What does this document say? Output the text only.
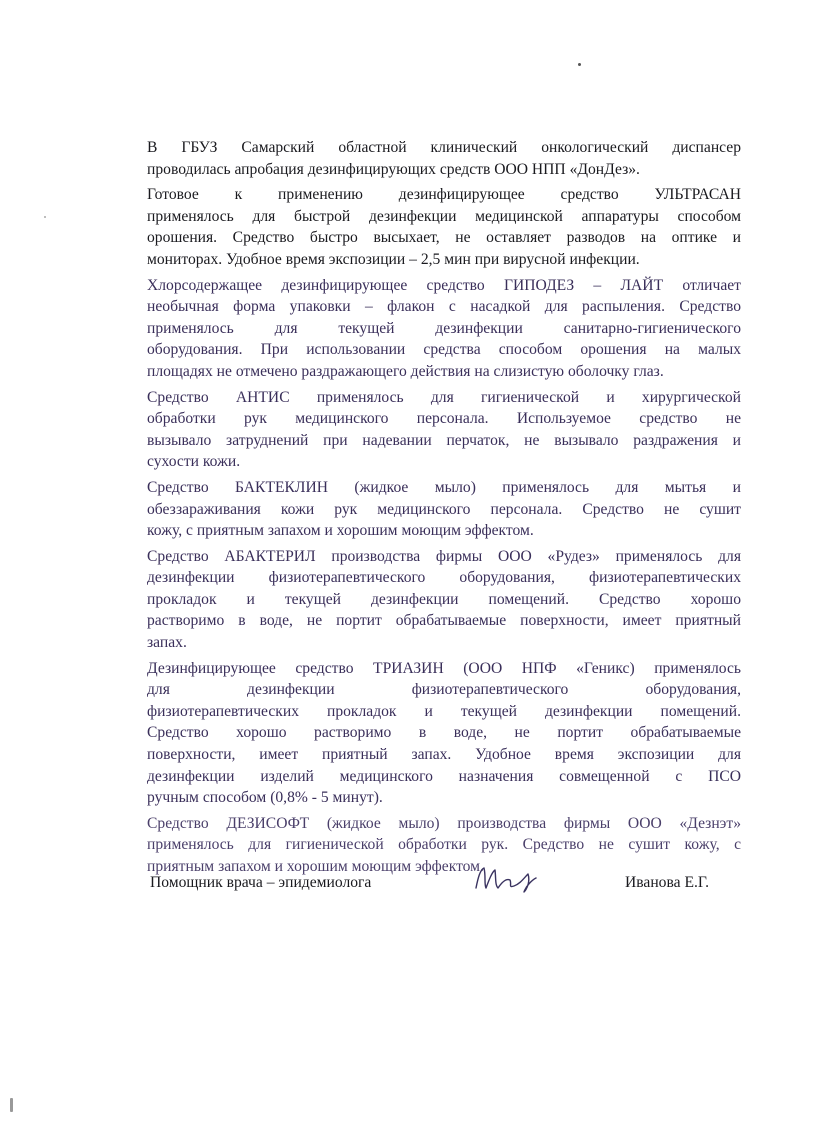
В ГБУЗ Самарский областной клинический онкологический диспансер
проводилась апробация дезинфицирующих средств ООО НПП «ДонДез».

Готовое к применению дезинфицирующее средство УЛЬТРАСАН
применялось для быстрой дезинфекции медицинской аппаратуры способом
орошения. Средство быстро высыхает, не оставляет разводов на оптике и
мониторах. Удобное время экспозиции – 2,5 мин при вирусной инфекции.

Хлорсодержащее дезинфицирующее средство ГИПОДЕЗ – ЛАЙТ отличает
необычная форма упаковки – флакон с насадкой для распыления. Средство
применялось для текущей дезинфекции санитарно-гигиенического
оборудования. При использовании средства способом орошения на малых
площадях не отмечено раздражающего действия на слизистую оболочку глаз.

Средство АНТИС применялось для гигиенической и хирургической
обработки рук медицинского персонала. Используемое средство не
вызывало затруднений при надевании перчаток, не вызывало раздражения и
сухости кожи.

Средство БАКТЕКЛИН (жидкое мыло) применялось для мытья и
обеззараживания кожи рук медицинского персонала. Средство не сушит
кожу, с приятным запахом и хорошим моющим эффектом.

Средство АБАКТЕРИЛ производства фирмы ООО «Рудез» применялось для
дезинфекции физиотерапевтического оборудования, физиотерапевтических
прокладок и текущей дезинфекции помещений. Средство хорошо
растворимо в воде, не портит обрабатываемые поверхности, имеет приятный
запах.

Дезинфицирующее средство ТРИАЗИН (ООО НПФ «Геникс) применялось
для дезинфекции физиотерапевтического оборудования,
физиотерапевтических прокладок и текущей дезинфекции помещений.
Средство хорошо растворимо в воде, не портит обрабатываемые
поверхности, имеет приятный запах. Удобное время экспозиции для
дезинфекции изделий медицинского назначения совмещенной с ПСО
ручным способом (0,8% - 5 минут).

Средство ДЕЗИСОФТ (жидкое мыло) производства фирмы ООО «Дезнэт»
применялось для гигиенической обработки рук. Средство не сушит кожу, с
приятным запахом и хорошим моющим эффектом.

Помощник врача – эпидемиолога	Иванова Е.Г.
